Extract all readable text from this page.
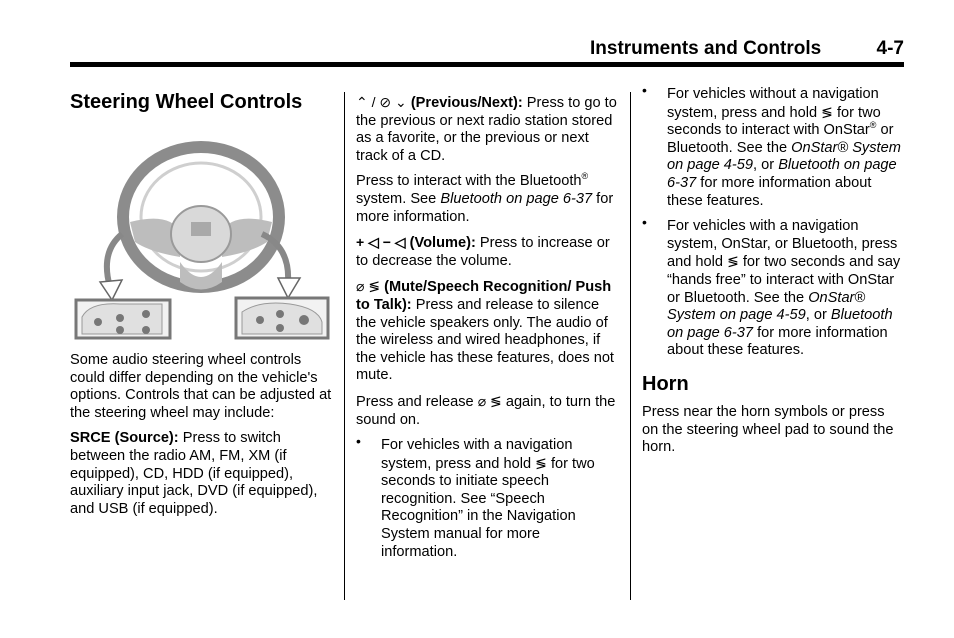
Instruments and Controls	4-7
Steering Wheel Controls

Some audio steering wheel controls could differ depending on the vehicle's options. Controls that can be adjusted at the steering wheel may include:

SRCE (Source): Press to switch between the radio AM, FM, XM (if equipped), CD, HDD (if equipped), auxiliary input jack, DVD (if equipped), and USB (if equipped).

⌃ / ⊘ ⌄ (Previous/Next): Press to go to the previous or next radio station stored as a favorite, or the previous or next track of a CD.

Press to interact with the Bluetooth® system. See Bluetooth on page 6-37 for more information.

+ ◁ − ◁ (Volume): Press to increase or to decrease the volume.

⌀ ≶ (Mute/Speech Recognition/ Push to Talk): Press and release to silence the vehicle speakers only. The audio of the wireless and wired headphones, if the vehicle has these features, does not mute.

Press and release ⌀ ≶ again, to turn the sound on.

• For vehicles with a navigation system, press and hold ≶ for two seconds to initiate speech recognition. See “Speech Recognition” in the Navigation System manual for more information.
• For vehicles without a navigation system, press and hold ≶ for two seconds to interact with OnStar® or Bluetooth. See the OnStar® System on page 4-59, or Bluetooth on page 6-37 for more information about these features.
• For vehicles with a navigation system, OnStar, or Bluetooth, press and hold ≶ for two seconds and say “hands free” to interact with OnStar or Bluetooth. See the OnStar® System on page 4-59, or Bluetooth on page 6-37 for more information about these features.
Horn

Press near the horn symbols or press on the steering wheel pad to sound the horn.
